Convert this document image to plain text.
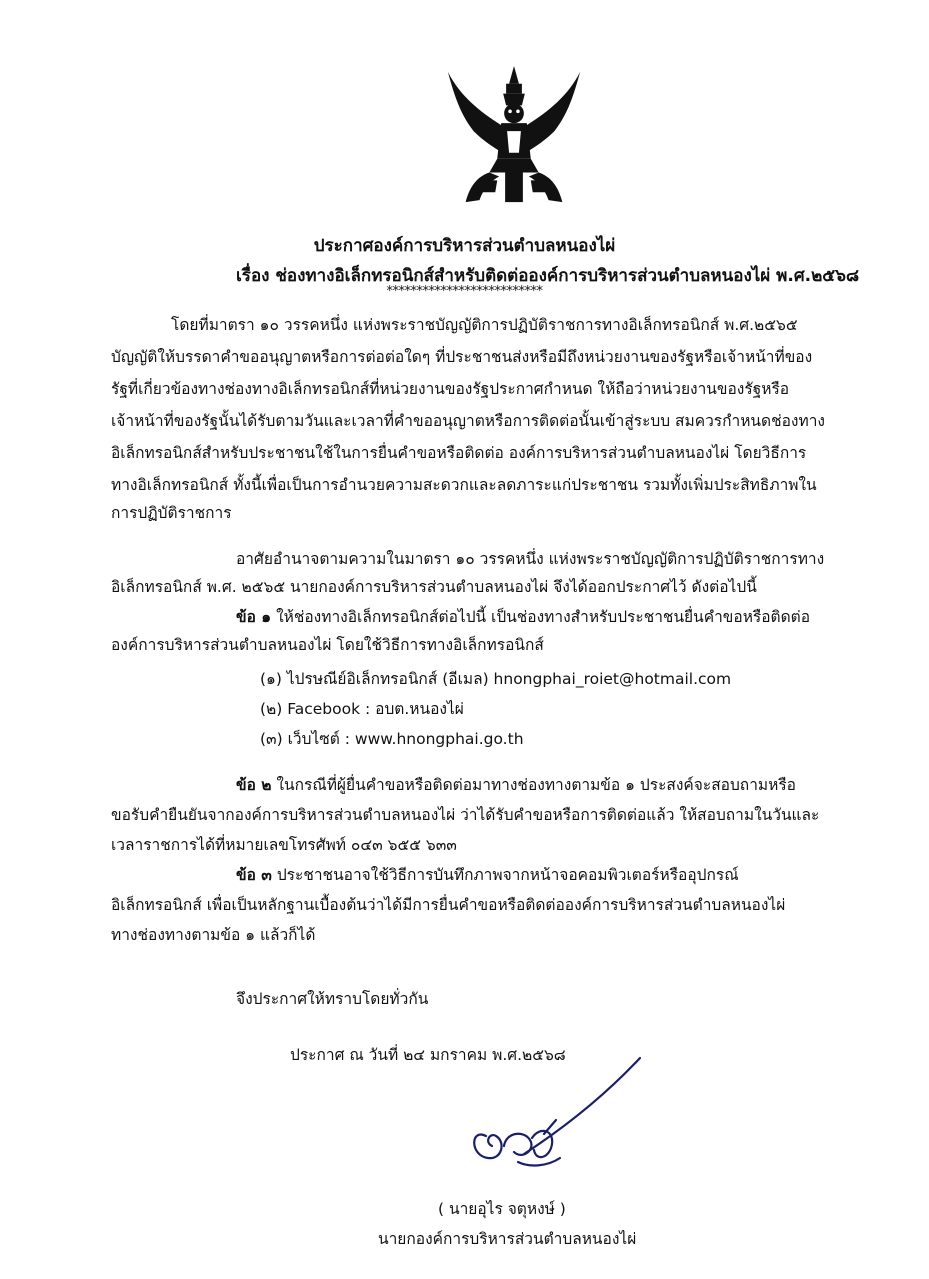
ประกาศองค์การบริหารส่วนตำบลหนองไผ่
เรื่อง ช่องทางอิเล็กทรอนิกส์สำหรับติดต่อองค์การบริหารส่วนตำบลหนองไผ่ พ.ศ.๒๕๖๘
**************************
โดยที่มาตรา ๑๐ วรรคหนึ่ง แห่งพระราชบัญญัติการปฏิบัติราชการทางอิเล็กทรอนิกส์ พ.ศ.๒๕๖๕
บัญญัติให้บรรดาคำขออนุญาตหรือการต่อต่อใดๆ ที่ประชาชนส่งหรือมีถึงหน่วยงานของรัฐหรือเจ้าหน้าที่ของ
รัฐที่เกี่ยวข้องทางช่องทางอิเล็กทรอนิกส์ที่หน่วยงานของรัฐประกาศกำหนด ให้ถือว่าหน่วยงานของรัฐหรือ
เจ้าหน้าที่ของรัฐนั้นได้รับตามวันและเวลาที่คำขออนุญาตหรือการติดต่อนั้นเข้าสู่ระบบ สมควรกำหนดช่องทาง
อิเล็กทรอนิกส์สำหรับประชาชนใช้ในการยื่นคำขอหรือติดต่อ องค์การบริหารส่วนตำบลหนองไผ่ โดยวิธีการ
ทางอิเล็กทรอนิกส์ ทั้งนี้เพื่อเป็นการอำนวยความสะดวกและลดภาระแก่ประชาชน รวมทั้งเพิ่มประสิทธิภาพใน
การปฏิบัติราชการ
อาศัยอำนาจตามความในมาตรา ๑๐ วรรคหนึ่ง แห่งพระราชบัญญัติการปฏิบัติราชการทาง
อิเล็กทรอนิกส์ พ.ศ. ๒๕๖๕ นายกองค์การบริหารส่วนตำบลหนองไผ่ จึงได้ออกประกาศไว้ ดังต่อไปนี้
ข้อ ๑ ให้ช่องทางอิเล็กทรอนิกส์ต่อไปนี้ เป็นช่องทางสำหรับประชาชนยื่นคำขอหรือติดต่อ
องค์การบริหารส่วนตำบลหนองไผ่ โดยใช้วิธีการทางอิเล็กทรอนิกส์
(๑) ไปรษณีย์อิเล็กทรอนิกส์ (อีเมล) hnongphai_roiet@hotmail.com
(๒) Facebook : อบต.หนองไผ่
(๓) เว็บไซต์ : www.hnongphai.go.th
ข้อ ๒ ในกรณีที่ผู้ยื่นคำขอหรือติดต่อมาทางช่องทางตามข้อ ๑ ประสงค์จะสอบถามหรือ
ขอรับคำยืนยันจากองค์การบริหารส่วนตำบลหนองไผ่ ว่าได้รับคำขอหรือการติดต่อแล้ว ให้สอบถามในวันและ
เวลาราชการได้ที่หมายเลขโทรศัพท์ ๐๔๓ ๖๕๕ ๖๓๓
ข้อ ๓ ประชาชนอาจใช้วิธีการบันทึกภาพจากหน้าจอคอมพิวเตอร์หรืออุปกรณ์
อิเล็กทรอนิกส์ เพื่อเป็นหลักฐานเบื้องต้นว่าได้มีการยื่นคำขอหรือติดต่อองค์การบริหารส่วนตำบลหนองไผ่
ทางช่องทางตามข้อ ๑ แล้วก็ได้
จึงประกาศให้ทราบโดยทั่วกัน
ประกาศ ณ วันที่ ๒๔ มกราคม พ.ศ.๒๕๖๘
( นายอุไร จตุหงษ์ )
นายกองค์การบริหารส่วนตำบลหนองไผ่
